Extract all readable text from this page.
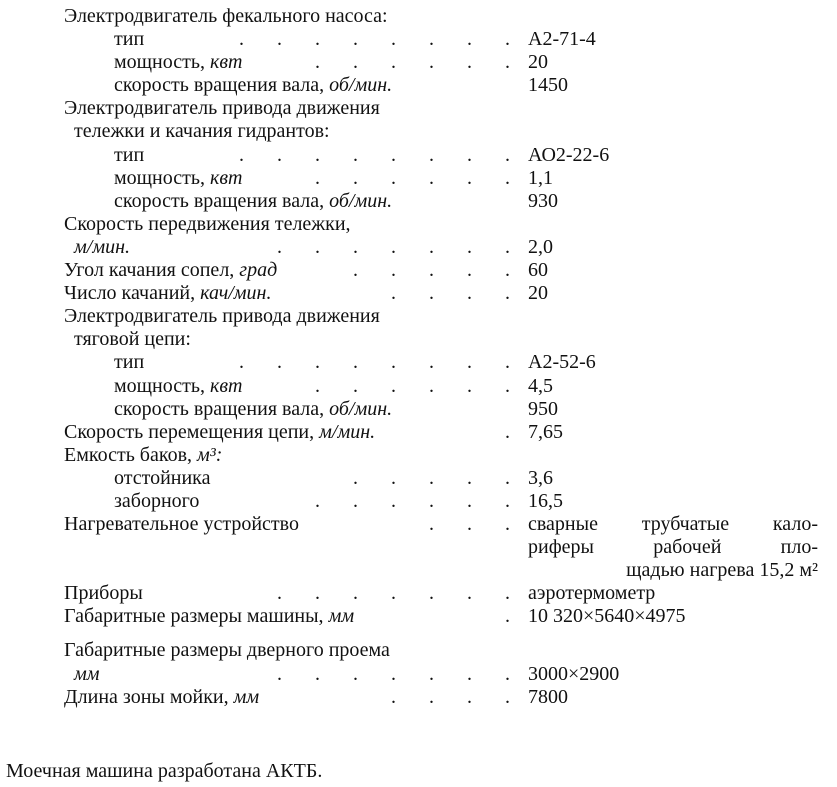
Электродвигатель фекального насоса:
тип	. . . . . . . . А2-71-4
мощность, квт	. . . . . . 20
скорость вращения вала, об/мин.	1450
Электродвигатель привода движения
тележки и качания гидрантов:
тип	. . . . . . . . АО2-22-6
мощность, квт	. . . . . . 1,1
скорость вращения вала, об/мин.	930
Скорость передвижения тележки,
м/мин.	. . . . . . . 2,0
Угол качания сопел, град	. . . . . 60
Число качаний, кач/мин.	. . . . 20
Электродвигатель привода движения
тяговой цепи:
тип	. . . . . . . . А2-52-6
мощность, квт	. . . . . . 4,5
скорость вращения вала, об/мин.	950
Скорость перемещения цепи, м/мин.	. 7,65
Емкость баков, м³:
отстойника	. . . . . 3,6
заборного	. . . . . . 16,5
Нагревательное устройство	. . . сварные трубчатые кало-
риферы рабочей пло-
щадью нагрева 15,2 м²
Приборы	. . . . . . . аэротермометр
Габаритные размеры машины, мм	. 10 320×5640×4975
Габаритные размеры дверного проема
мм	. . . . . . . 3000×2900
Длина зоны мойки, мм	. . . . 7800
Моечная машина разработана АКТБ.
